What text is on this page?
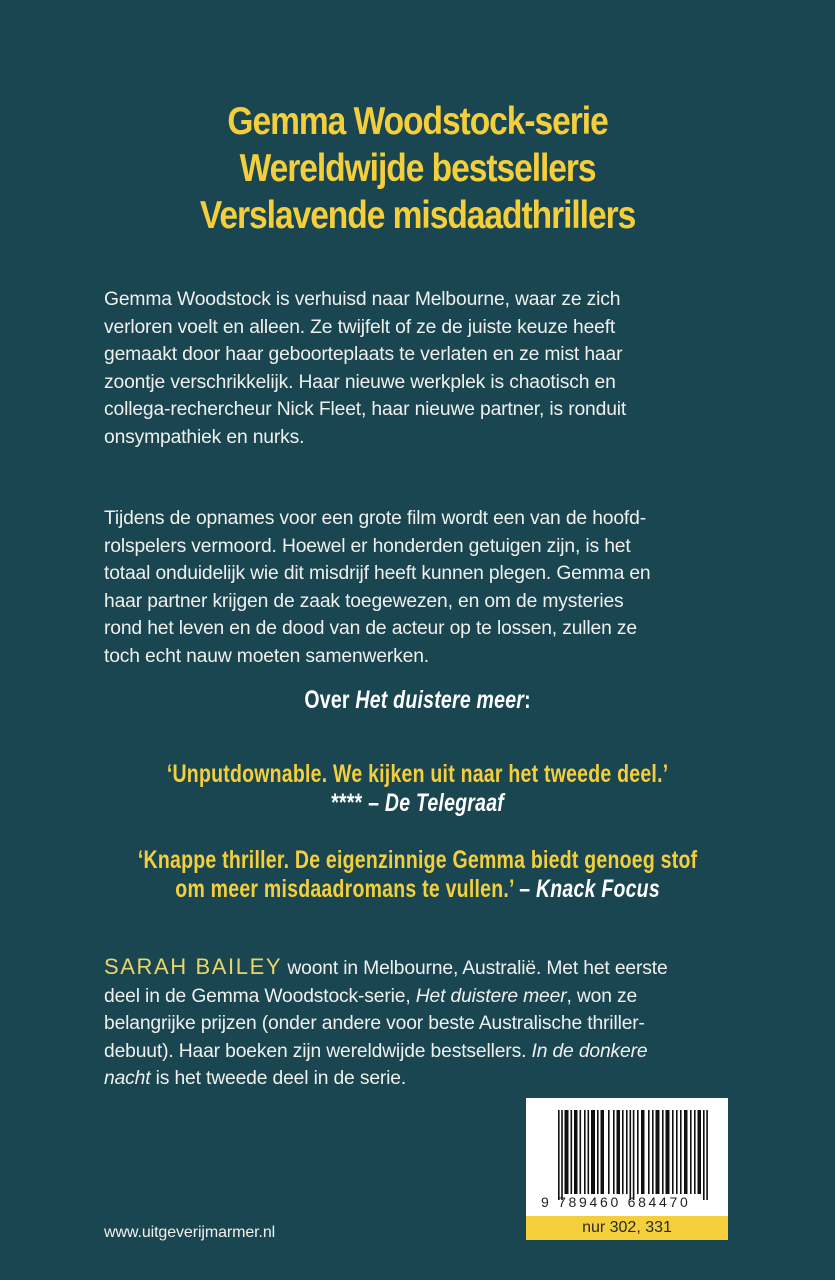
Gemma Woodstock-serie
Wereldwijde bestsellers
Verslavende misdaadthrillers
Gemma Woodstock is verhuisd naar Melbourne, waar ze zich
verloren voelt en alleen. Ze twijfelt of ze de juiste keuze heeft
gemaakt door haar geboorteplaats te verlaten en ze mist haar
zoontje verschrikkelijk. Haar nieuwe werkplek is chaotisch en
collega-rechercheur Nick Fleet, haar nieuwe partner, is ronduit
onsympathiek en nurks.
Tijdens de opnames voor een grote film wordt een van de hoofd-
rolspelers vermoord. Hoewel er honderden getuigen zijn, is het
totaal onduidelijk wie dit misdrijf heeft kunnen plegen. Gemma en
haar partner krijgen de zaak toegewezen, en om de mysteries
rond het leven en de dood van de acteur op te lossen, zullen ze
toch echt nauw moeten samenwerken.
Over Het duistere meer:
‘Unputdownable. We kijken uit naar het tweede deel.’
**** – De Telegraaf
‘Knappe thriller. De eigenzinnige Gemma biedt genoeg stof
om meer misdaadromans te vullen.’ – Knack Focus
SARAH BAILEY woont in Melbourne, Australië. Met het eerste
deel in de Gemma Woodstock-serie, Het duistere meer, won ze
belangrijke prijzen (onder andere voor beste Australische thriller-
debuut). Haar boeken zijn wereldwijde bestsellers. In de donkere
nacht is het tweede deel in de serie.
9 789460 684470
nur 302, 331
www.uitgeverijmarmer.nl
